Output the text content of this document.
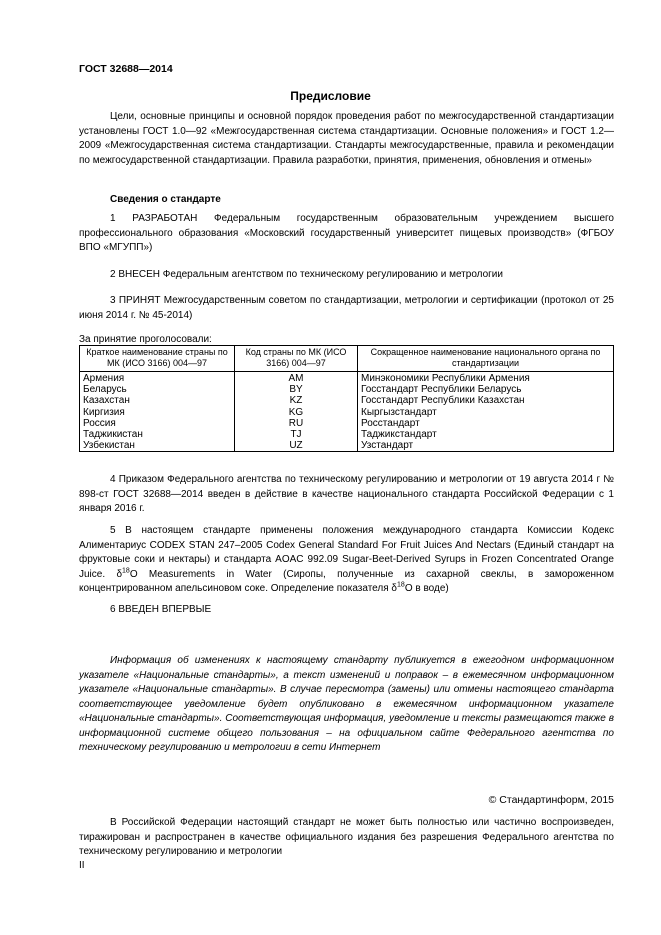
ГОСТ 32688—2014
Предисловие

Цели, основные принципы и основной порядок проведения работ по межгосударственной стандартизации установлены ГОСТ 1.0—92 «Межгосударственная система стандартизации. Основные положения» и ГОСТ 1.2—2009 «Межгосударственная система стандартизации. Стандарты межгосударственные, правила и рекомендации по межгосударственной стандартизации. Правила разработки, принятия, применения, обновления и отмены»

Сведения о стандарте

1 РАЗРАБОТАН Федеральным государственным образовательным учреждением высшего профессионального образования «Московский государственный университет пищевых производств» (ФГБОУ ВПО «МГУПП»)

2 ВНЕСЕН Федеральным агентством по техническому регулированию и метрологии

3 ПРИНЯТ Межгосударственным советом по стандартизации, метрологии и сертификации (протокол от 25 июня 2014 г. № 45-2014)

За принятие проголосовали:
Краткое наименование страны по МК (ИСО 3166) 004—97	Код страны по МК (ИСО 3166) 004—97	Сокращенное наименование национального органа по стандартизации
Армения	AM	Минэкономики Республики Армения
Беларусь	BY	Госстандарт Республики Беларусь
Казахстан	KZ	Госстандарт Республики Казахстан
Киргизия	KG	Кыргызстандарт
Россия	RU	Росстандарт
Таджикистан	TJ	Таджикстандарт
Узбекистан	UZ	Узстандарт

4 Приказом Федерального агентства по техническому регулированию и метрологии от 19 августа 2014 г № 898-ст ГОСТ 32688—2014 введен в действие в качестве национального стандарта Российской Федерации с 1 января 2016 г.

5 В настоящем стандарте применены положения международного стандарта Комиссии Кодекс Алиментариус CODEX STAN 247–2005 Codex General Standard For Fruit Juices And Nectars (Единый стандарт на фруктовые соки и нектары) и стандарта AOAC 992.09 Sugar-Beet-Derived Syrups in Frozen Concentrated Orange Juice. $\delta^{18}O$ Measurements in Water (Сиропы, полученные из сахарной свеклы, в замороженном концентрированном апельсиновом соке. Определение показателя $\delta^{18}O$ в воде)

6 ВВЕДЕН ВПЕРВЫЕ

Информация об изменениях к настоящему стандарту публикуется в ежегодном информационном указателе «Национальные стандарты», а текст изменений и поправок – в ежемесячном информационном указателе «Национальные стандарты». В случае пересмотра (замены) или отмены настоящего стандарта соответствующее уведомление будет опубликовано в ежемесячном информационном указателе «Национальные стандарты». Соответствующая информация, уведомление и тексты размещаются также в информационной системе общего пользования – на официальном сайте Федерального агентства по техническому регулированию и метрологии в сети Интернет

© Стандартинформ, 2015

В Российской Федерации настоящий стандарт не может быть полностью или частично воспроизведен, тиражирован и распространен в качестве официального издания без разрешения Федерального агентства по техническому регулированию и метрологии

II
